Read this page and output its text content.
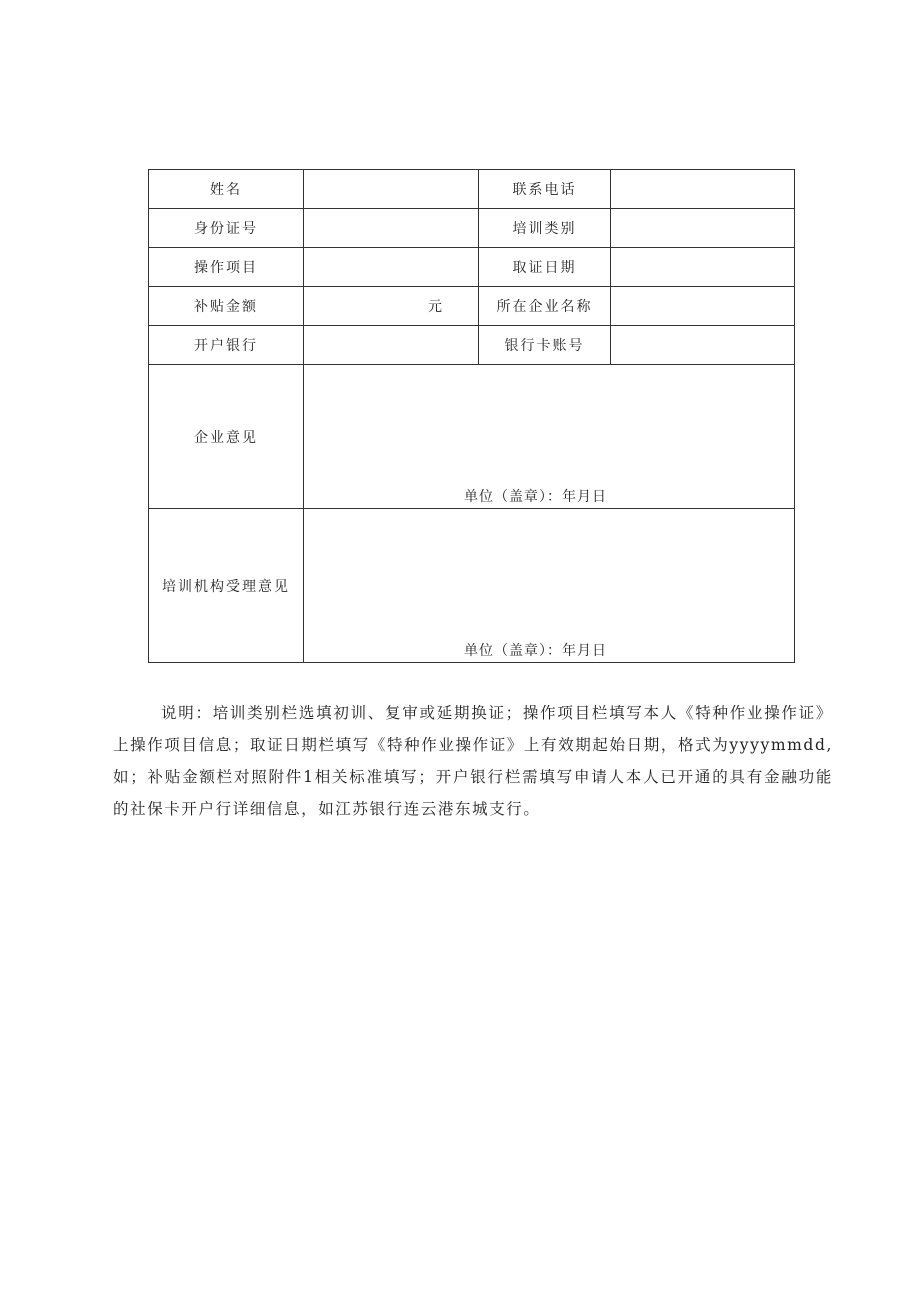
姓名		联系电话	
身份证号		培训类别	
操作项目		取证日期	
补贴金额	元	所在企业名称	
开户银行		银行卡账号	
企业意见	单位（盖章）：年月日		

培训机构受理意见	单位（盖章）：年月日		

说明：培训类别栏选填初训、复审或延期换证；操作项目栏填写本人《特种作业操作证》上操作项目信息；取证日期栏填写《特种作业操作证》上有效期起始日期，格式为yyyymmdd,如；补贴金额栏对照附件1相关标准填写；开户银行栏需填写申请人本人已开通的具有金融功能的社保卡开户行详细信息，如江苏银行连云港东城支行。
